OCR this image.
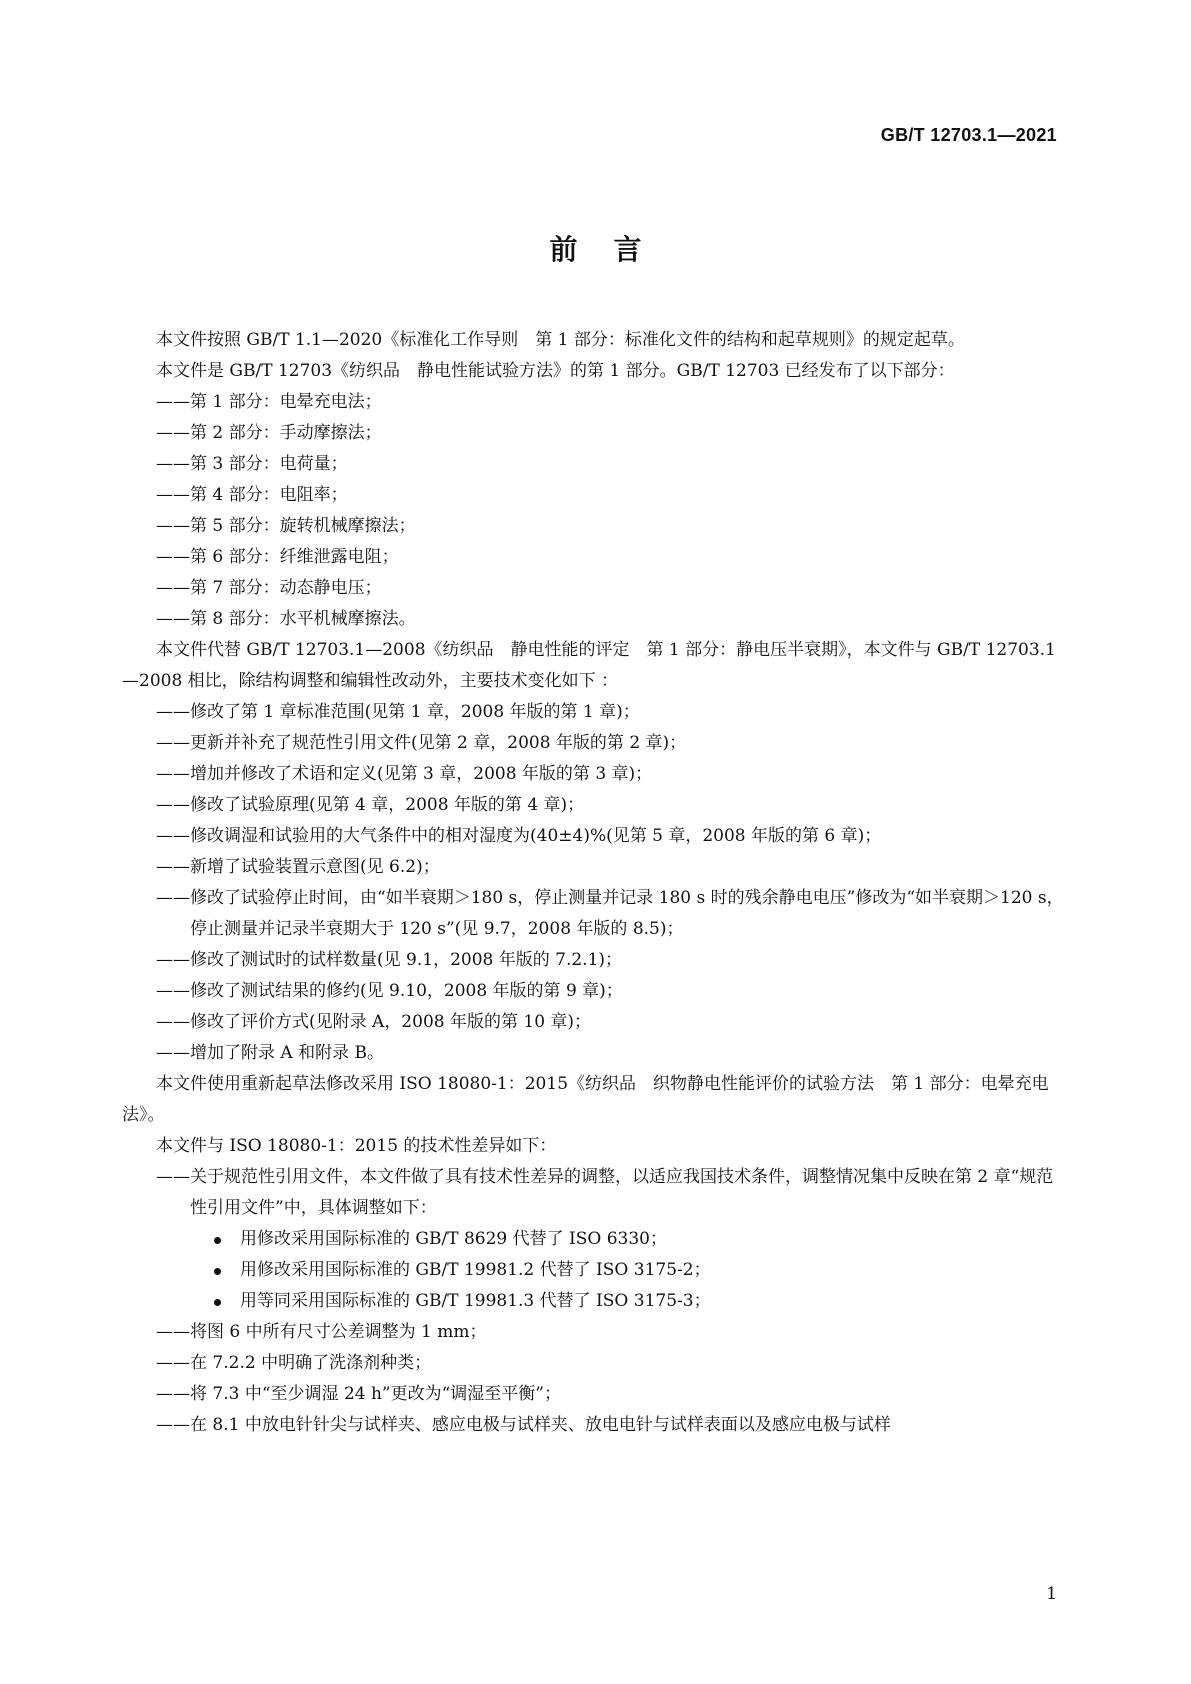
GB/T 12703.1—2021
前言

本文件按照 GB/T 1.1—2020《标准化工作导则　第 1 部分：标准化文件的结构和起草规则》的规定起草。

本文件是 GB/T 12703《纺织品　静电性能试验方法》的第 1 部分。GB/T 12703 已经发布了以下部分：

—— 第 1 部分：电晕充电法；
—— 第 2 部分：手动摩擦法；
—— 第 3 部分：电荷量；
—— 第 4 部分：电阻率；
—— 第 5 部分：旋转机械摩擦法；
—— 第 6 部分：纤维泄露电阻；
—— 第 7 部分：动态静电压；
—— 第 8 部分：水平机械摩擦法。

本文件代替 GB/T 12703.1—2008《纺织品　静电性能的评定　第 1 部分：静电压半衰期》，本文件与 GB/T 12703.1—2008 相比，除结构调整和编辑性改动外，主要技术变化如下 ：

—— 修改了第 1 章标准范围(见第 1 章，2008 年版的第 1 章)；
—— 更新并补充了规范性引用文件(见第 2 章，2008 年版的第 2 章)；
—— 增加并修改了术语和定义(见第 3 章，2008 年版的第 3 章)；
—— 修改了试验原理(见第 4 章，2008 年版的第 4 章)；
—— 修改调湿和试验用的大气条件中的相对湿度为(40±4)%(见第 5 章，2008 年版的第 6 章)；
—— 新增了试验装置示意图(见 6.2)；
—— 修改了试验停止时间，由“如半衰期＞180 s，停止测量并记录 180 s 时的残余静电电压”修改为“如半衰期＞120 s，停止测量并记录半衰期大于 120 s”(见 9.7，2008 年版的 8.5)；
—— 修改了测试时的试样数量(见 9.1，2008 年版的 7.2.1)；
—— 修改了测试结果的修约(见 9.10，2008 年版的第 9 章)；
—— 修改了评价方式(见附录 A，2008 年版的第 10 章)；
—— 增加了附录 A 和附录 B。

本文件使用重新起草法修改采用 ISO 18080-1：2015《纺织品　织物静电性能评价的试验方法　第 1 部分：电晕充电法》。

本文件与 ISO 18080-1：2015 的技术性差异如下：

—— 关于规范性引用文件，本文件做了具有技术性差异的调整，以适应我国技术条件，调整情况集中反映在第 2 章“规范性引用文件”中，具体调整如下：
用修改采用国际标准的 GB/T 8629 代替了 ISO 6330；
用修改采用国际标准的 GB/T 19981.2 代替了 ISO 3175-2；
用等同采用国际标准的 GB/T 19981.3 代替了 ISO 3175-3；
—— 将图 6 中所有尺寸公差调整为 1 mm；
—— 在 7.2.2 中明确了洗涤剂种类；
—— 将 7.3 中“至少调湿 24 h”更改为“调湿至平衡”；
—— 在 8.1 中放电针针尖与试样夹、感应电极与试样夹、放电电针与试样表面以及感应电极与试样
1
